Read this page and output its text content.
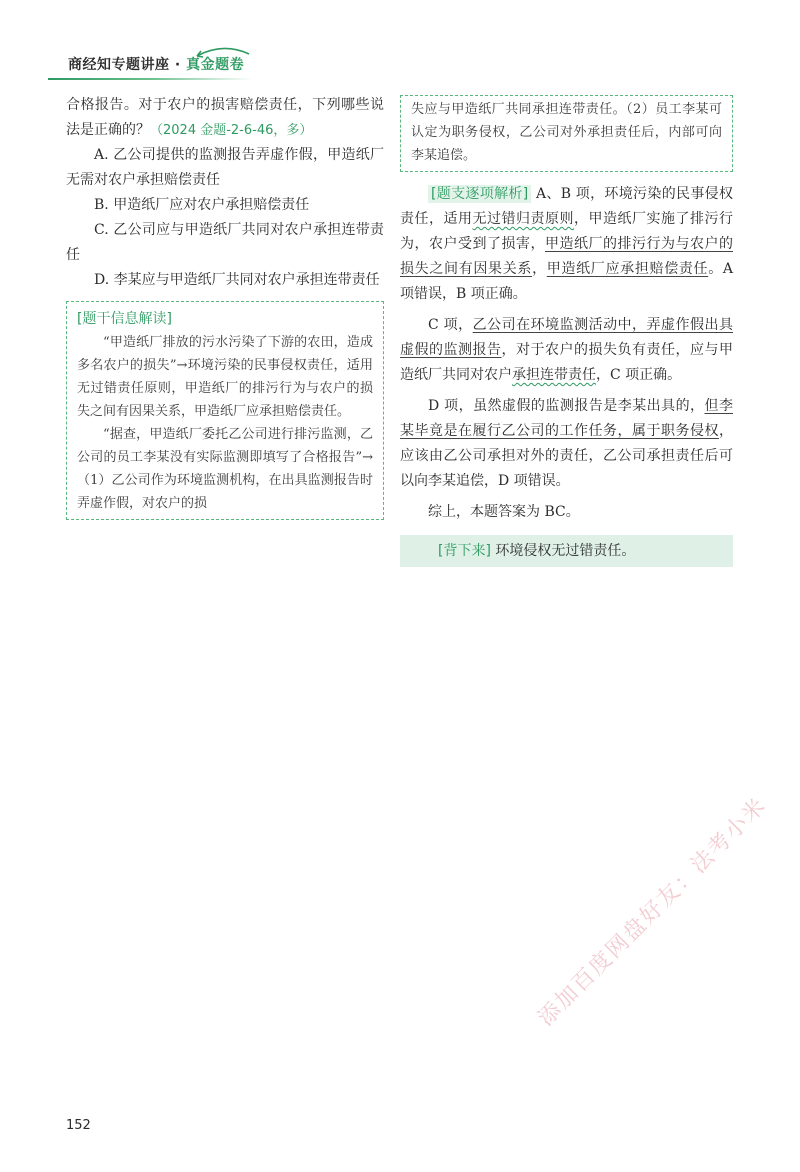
商经知专题讲座 · 真金题卷

合格报告。对于农户的损害赔偿责任，下列哪些说法是正确的？（2024 金题-2-6-46，多）

A. 乙公司提供的监测报告弄虚作假，甲造纸厂无需对农户承担赔偿责任

B. 甲造纸厂应对农户承担赔偿责任

C. 乙公司应与甲造纸厂共同对农户承担连带责任

D. 李某应与甲造纸厂共同对农户承担连带责任

[题干信息解读]

“甲造纸厂排放的污水污染了下游的农田，造成多名农户的损失”→环境污染的民事侵权责任，适用无过错责任原则，甲造纸厂的排污行为与农户的损失之间有因果关系，甲造纸厂应承担赔偿责任。

“据查，甲造纸厂委托乙公司进行排污监测，乙公司的员工李某没有实际监测即填写了合格报告”→（1）乙公司作为环境监测机构，在出具监测报告时弄虚作假，对农户的损

失应与甲造纸厂共同承担连带责任。（2）员工李某可认定为职务侵权，乙公司对外承担责任后，内部可向李某追偿。

[题支逐项解析] A、B 项，环境污染的民事侵权责任，适用无过错归责原则，甲造纸厂实施了排污行为，农户受到了损害，甲造纸厂的排污行为与农户的损失之间有因果关系，甲造纸厂应承担赔偿责任。A 项错误，B 项正确。

C 项，乙公司在环境监测活动中，弄虚作假出具虚假的监测报告，对于农户的损失负有责任，应与甲造纸厂共同对农户承担连带责任，C 项正确。

D 项，虽然虚假的监测报告是李某出具的，但李某毕竟是在履行乙公司的工作任务，属于职务侵权，应该由乙公司承担对外的责任，乙公司承担责任后可以向李某追偿，D 项错误。

综上，本题答案为 BC。

[背下来] 环境侵权无过错责任。
152
添加百度网盘好友：法考小米
